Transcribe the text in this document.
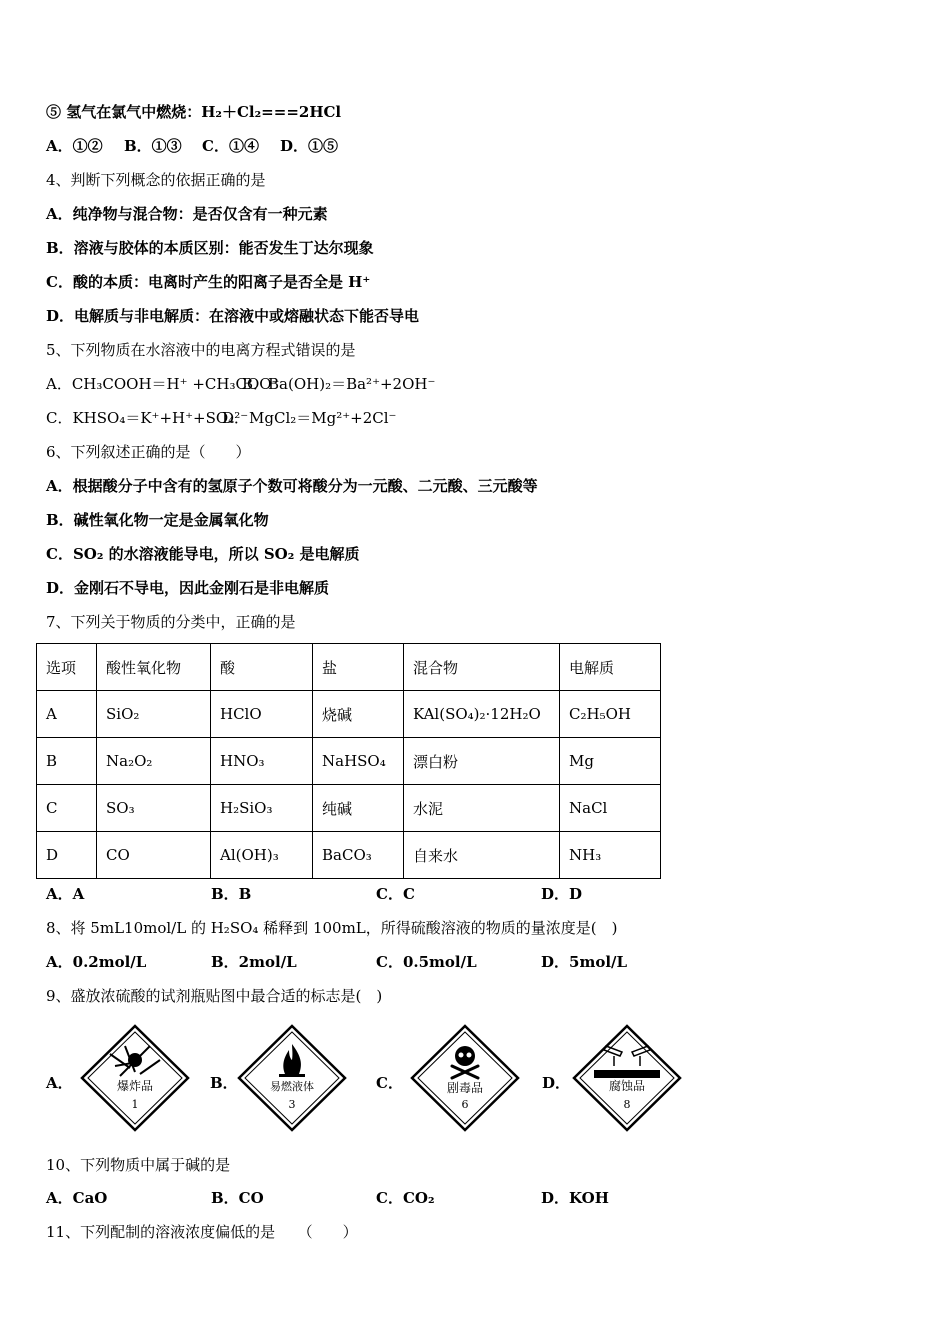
⑤ 氢气在氯气中燃烧：H₂＋Cl₂===2HCl
A．①② B．①③ C．①④ D．①⑤
4、判断下列概念的依据正确的是
A．纯净物与混合物：是否仅含有一种元素
B．溶液与胶体的本质区别：能否发生丁达尔现象
C．酸的本质：电离时产生的阳离子是否全是 H⁺
D．电解质与非电解质：在溶液中或熔融状态下能否导电
5、下列物质在水溶液中的电离方程式错误的是
A．CH₃COOH＝H⁺ +CH₃COO⁻B．Ba(OH)₂＝Ba²⁺+2OH⁻
C．KHSO₄＝K⁺+H⁺+SO₄²⁻D．MgCl₂＝Mg²⁺+2Cl⁻
6、下列叙述正确的是（　　）
A．根据酸分子中含有的氢原子个数可将酸分为一元酸、二元酸、三元酸等
B．碱性氧化物一定是金属氧化物
C．SO₂ 的水溶液能导电，所以 SO₂ 是电解质
D．金刚石不导电，因此金刚石是非电解质
7、下列关于物质的分类中，正确的是
选项	酸性氧化物	酸	盐	混合物	电解质
A	SiO₂	HClO	烧碱	KAl(SO₄)₂·12H₂O	C₂H₅OH
B	Na₂O₂	HNO₃	NaHSO₄	漂白粉	Mg
C	SO₃	H₂SiO₃	纯碱	水泥	NaCl
D	CO	Al(OH)₃	BaCO₃	自来水	NH₃
A．A	B．B	C．C	D．D
8、将 5mL10mol/L 的 H₂SO₄ 稀释到 100mL，所得硫酸溶液的物质的量浓度是(　)
A．0.2mol/L	B．2mol/L	C．0.5mol/L	D．5mol/L
9、盛放浓硫酸的试剂瓶贴图中最合适的标志是(　)
A．	爆炸品
1
B．	易燃液体
3
C．	剧毒品
6
D．	腐蚀品
8
10、下列物质中属于碱的是
A．CaO	B．CO	C．CO₂	D．KOH
11、下列配制的溶液浓度偏低的是　　（　　）
